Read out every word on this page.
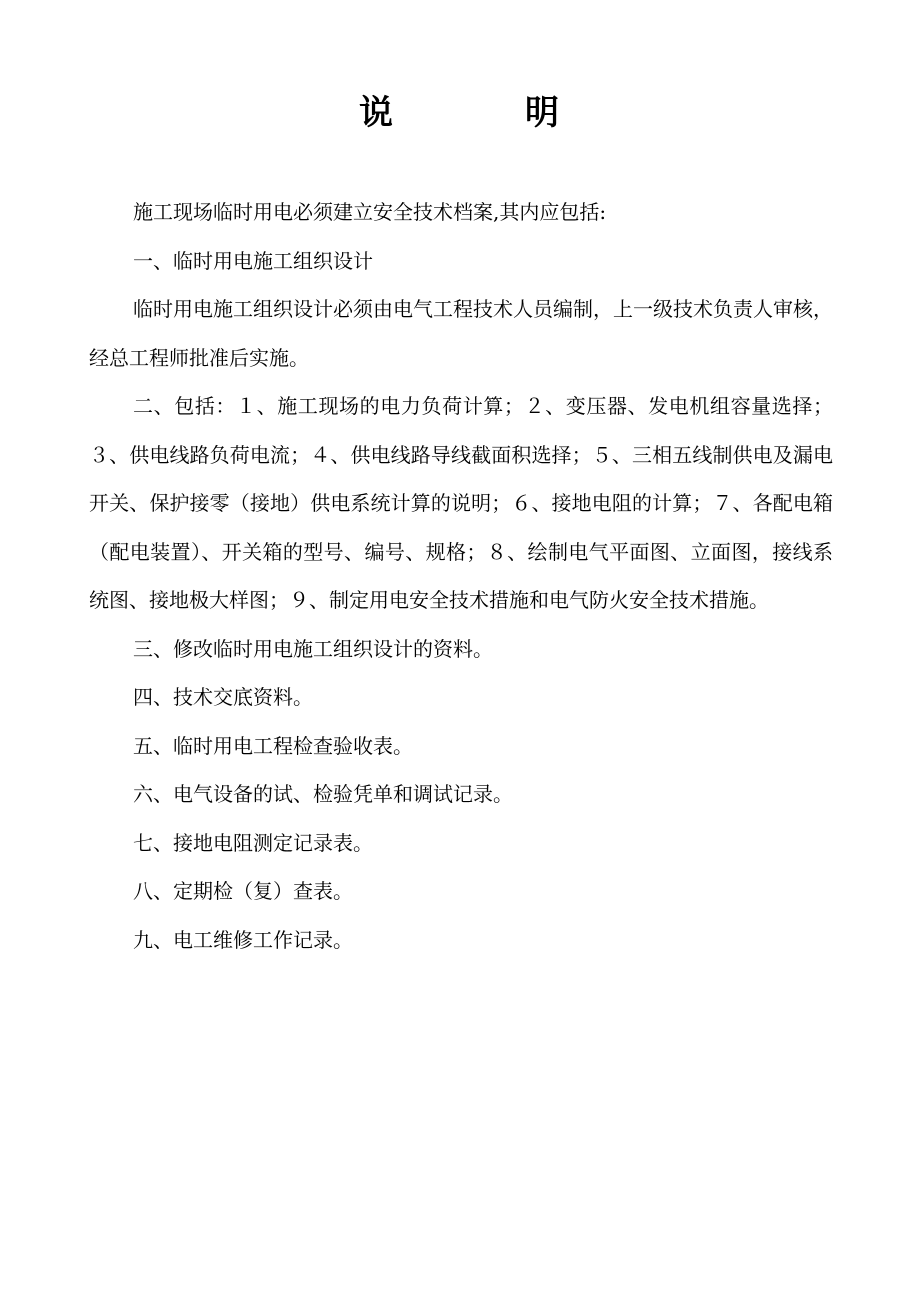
说	明

施工现场临时用电必须建立安全技术档案,其内应包括:

一、临时用电施工组织设计

临时用电施工组织设计必须由电气工程技术人员编制，上一级技术负责人审核，经总工程师批准后实施。

二、包括：１、施工现场的电力负荷计算；２、变压器、发电机组容量选择；３、供电线路负荷电流；４、供电线路导线截面积选择；５、三相五线制供电及漏电开关、保护接零（接地）供电系统计算的说明；６、接地电阻的计算；７、各配电箱（配电装置）、开关箱的型号、编号、规格；８、绘制电气平面图、立面图，接线系统图、接地极大样图；９、制定用电安全技术措施和电气防火安全技术措施。

三、修改临时用电施工组织设计的资料。

四、技术交底资料。

五、临时用电工程检查验收表。

六、电气设备的试、检验凭单和调试记录。

七、接地电阻测定记录表。

八、定期检（复）查表。

九、电工维修工作记录。
